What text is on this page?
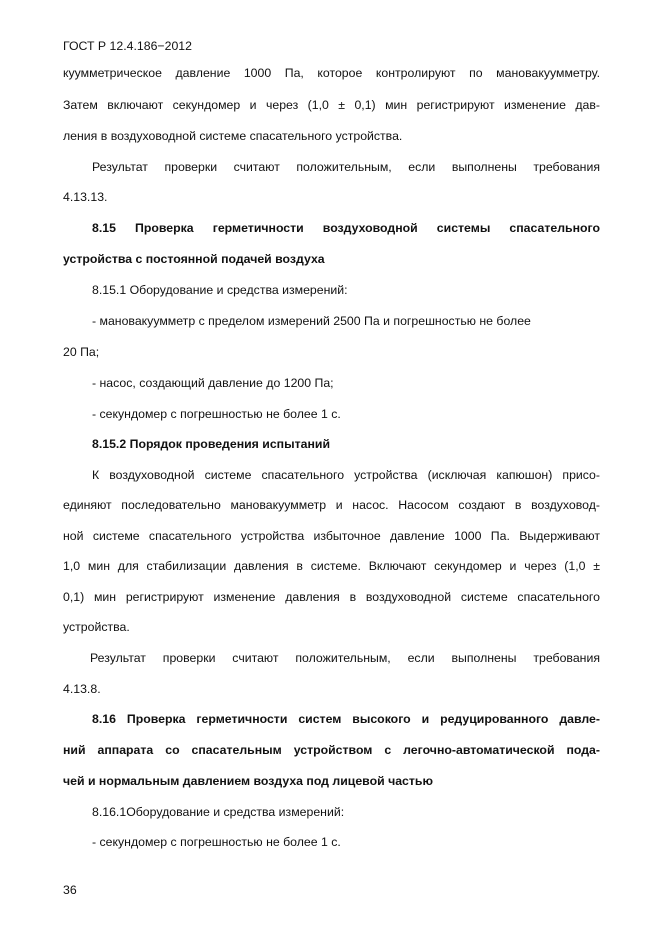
ГОСТ Р 12.4.186−2012
куумметрическое давление 1000 Па, которое контролируют по мановакуумметру.
Затем включают секундомер и через (1,0 ± 0,1) мин регистрируют изменение дав-
ления в воздуховодной системе спасательного устройства.
Результат проверки считают положительным, если выполнены требования
4.13.13.
8.15 Проверка герметичности воздуховодной системы спасательного
устройства с постоянной подачей воздуха
8.15.1 Оборудование и средства измерений:
- мановакуумметр с пределом измерений 2500 Па и погрешностью не более
20 Па;
- насос, создающий давление до 1200 Па;
- секундомер с погрешностью не более 1 с.
8.15.2 Порядок проведения испытаний
К воздуховодной системе спасательного устройства (исключая капюшон) присо-
единяют последовательно мановакуумметр и насос. Насосом создают в воздуховод-
ной системе спасательного устройства избыточное давление 1000 Па. Выдерживают
1,0 мин для стабилизации давления в системе. Включают секундомер и через (1,0 ±
0,1) мин регистрируют изменение давления в воздуховодной системе спасательного
устройства.
Результат проверки считают положительным, если выполнены требования
4.13.8.
8.16 Проверка герметичности систем высокого и редуцированного давле-
ний аппарата со спасательным устройством с легочно-автоматической пода-
чей и нормальным давлением воздуха под лицевой частью
8.16.1Оборудование и средства измерений:
- секундомер с погрешностью не более 1 с.
36
